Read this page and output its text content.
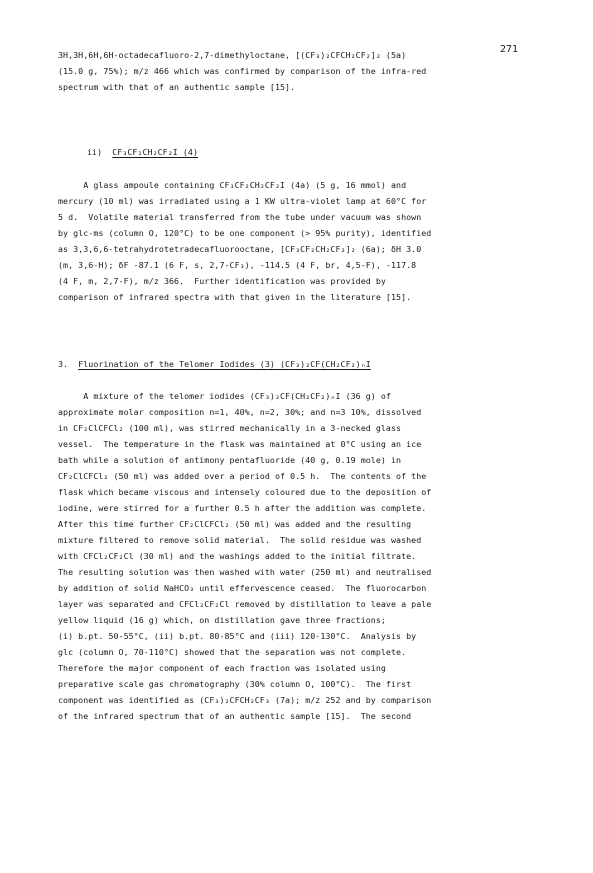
271
3H,3H,6H,6H-octadecafluoro-2,7-dimethyloctane, [(CF₃)₂CFCH₂CF₂]₂ (5a)
(15.0 g, 75%); m/z 466 which was confirmed by comparison of the infra-red
spectrum with that of an authentic sample [15].
ii) CF₃CF₂CH₂CF₂I (4)
A glass ampoule containing CF₃CF₂CH₂CF₂I (4a) (5 g, 16 mmol) and
mercury (10 ml) was irradiated using a 1 KW ultra-violet lamp at 60°C for
5 d.  Volatile material transferred from the tube under vacuum was shown
by glc-ms (column O, 120°C) to be one component (> 95% purity), identified
as 3,3,6,6-tetrahydrotetradecafluorooctane, [CF₃CF₂CH₂CF₂]₂ (6a); δH 3.0
(m, 3,6-H); δF -87.1 (6 F, s, 2,7-CF₃), -114.5 (4 F, br, 4,5-F), -117.8
(4 F, m, 2,7-F), m/z 366.  Further identification was provided by
comparison of infrared spectra with that given in the literature [15].
3. Fluorination of the Telomer Iodides (3) (CF₃)₂CF(CH₂CF₂)ₙI
A mixture of the telomer iodides (CF₃)₂CF(CH₂CF₂)ₙI (36 g) of
approximate molar composition n=1, 40%, n=2, 30%; and n=3 10%, dissolved
in CF₂ClCFCl₂ (100 ml), was stirred mechanically in a 3-necked glass
vessel.  The temperature in the flask was maintained at 0°C using an ice
bath while a solution of antimony pentafluoride (40 g, 0.19 mole) in
CF₂ClCFCl₂ (50 ml) was added over a period of 0.5 h.  The contents of the
flask which became viscous and intensely coloured due to the deposition of
iodine, were stirred for a further 0.5 h after the addition was complete.
After this time further CF₂ClCFCl₂ (50 ml) was added and the resulting
mixture filtered to remove solid material.  The solid residue was washed
with CFCl₂CF₂Cl (30 ml) and the washings added to the initial filtrate.
The resulting solution was then washed with water (250 ml) and neutralised
by addition of solid NaHCO₃ until effervescence ceased.  The fluorocarbon
layer was separated and CFCl₂CF₂Cl removed by distillation to leave a pale
yellow liquid (16 g) which, on distillation gave three fractions;
(i) b.pt. 50-55°C, (ii) b.pt. 80-85°C and (iii) 120-130°C.  Analysis by
glc (column O, 70-110°C) showed that the separation was not complete.
Therefore the major component of each fraction was isolated using
preparative scale gas chromatography (30% column O, 100°C).  The first
component was identified as (CF₃)₂CFCH₂CF₃ (7a); m/z 252 and by comparison
of the infrared spectrum that of an authentic sample [15].  The second
